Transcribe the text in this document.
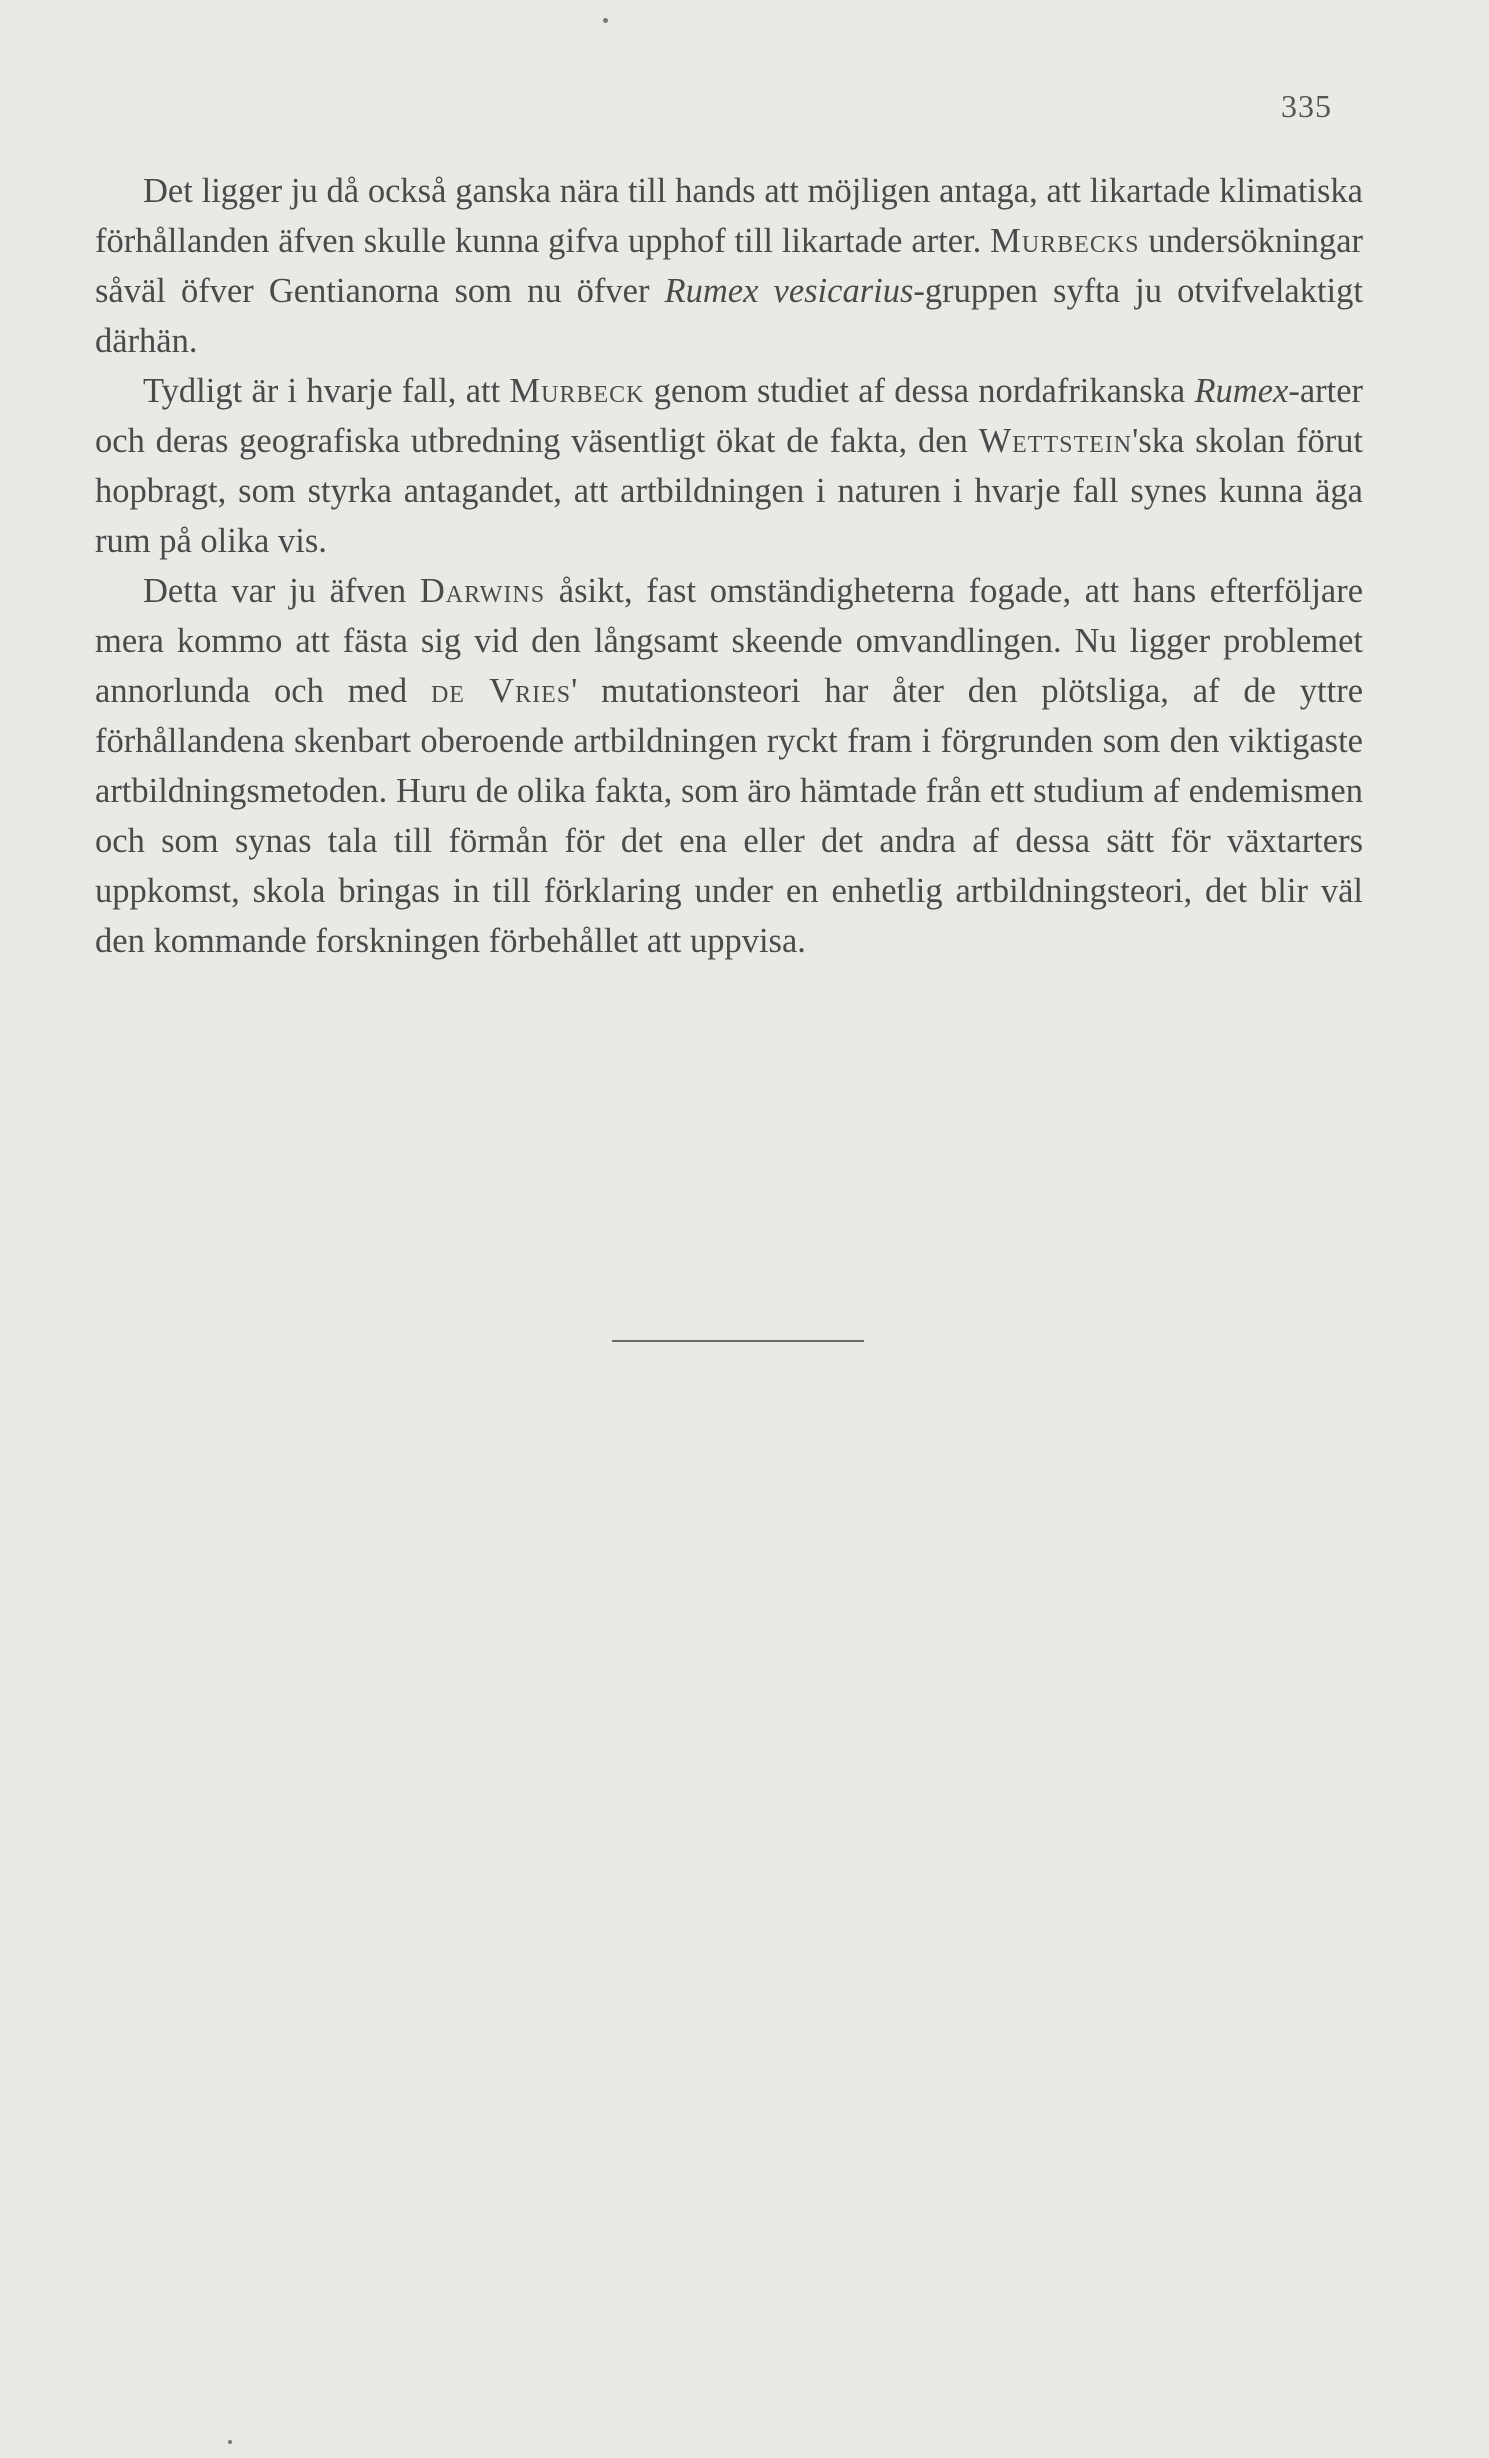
335

Det ligger ju då också ganska nära till hands att möjligen antaga, att likartade klimatiska förhållanden äfven skulle kunna gifva upphof till likartade arter. Murbecks undersökningar såväl öfver Gentianorna som nu öfver Rumex vesicarius-gruppen syfta ju otvifvelaktigt därhän.

Tydligt är i hvarje fall, att Murbeck genom studiet af dessa nordafrikanska Rumex-arter och deras geografiska utbredning väsentligt ökat de fakta, den Wettstein'ska skolan förut hopbragt, som styrka antagandet, att artbildningen i naturen i hvarje fall synes kunna äga rum på olika vis.

Detta var ju äfven Darwins åsikt, fast omständigheterna fogade, att hans efterföljare mera kommo att fästa sig vid den långsamt skeende omvandlingen. Nu ligger problemet annorlunda och med de Vries' mutationsteori har åter den plötsliga, af de yttre förhållandena skenbart oberoende artbildningen ryckt fram i förgrunden som den viktigaste artbildningsmetoden. Huru de olika fakta, som äro hämtade från ett studium af endemismen och som synas tala till förmån för det ena eller det andra af dessa sätt för växtarters uppkomst, skola bringas in till förklaring under en enhetlig artbildningsteori, det blir väl den kommande forskningen förbehållet att uppvisa.
